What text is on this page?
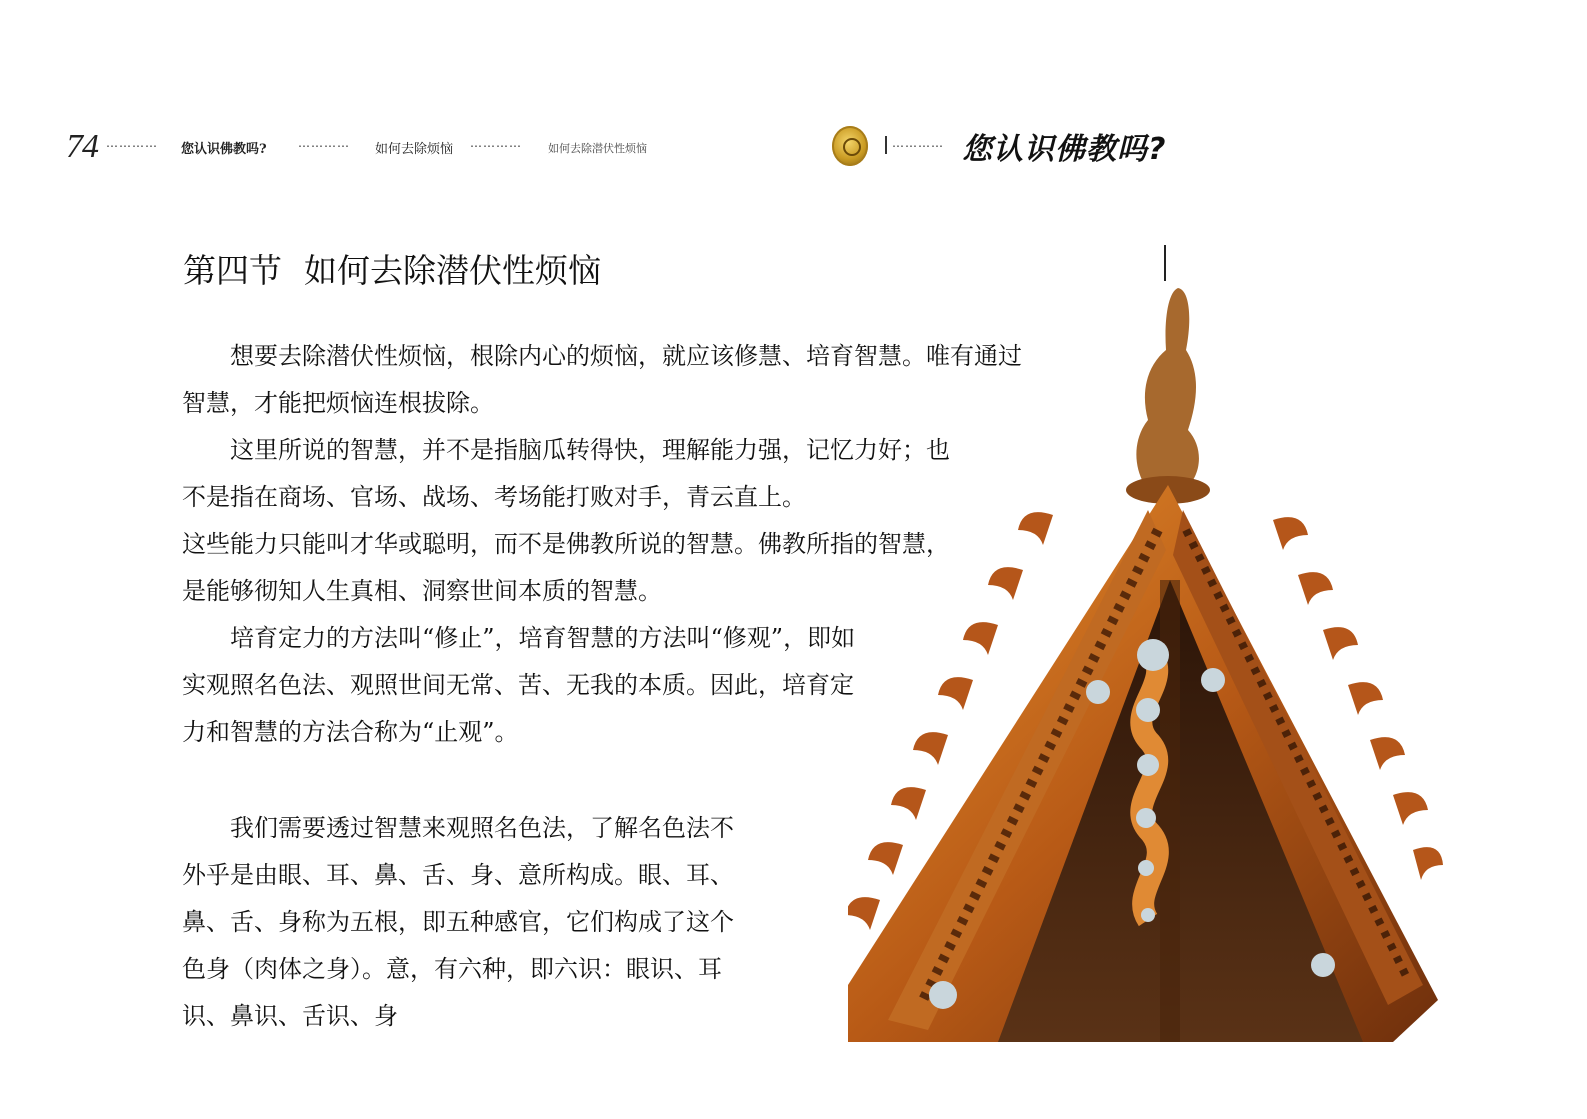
74 ………… 您认识佛教吗?	………… 如何去除烦恼 ………… 如何去除潜伏性烦恼	………… 您认识佛教吗?
第四节 如何去除潜伏性烦恼

想要去除潜伏性烦恼，根除内心的烦恼，就应该修慧、培育智慧。唯有通过智慧，才能把烦恼连根拔除。

这里所说的智慧，并不是指脑瓜转得快，理解能力强，记忆力好；也不是指在商场、官场、战场、考场能打败对手，青云直上。

这些能力只能叫才华或聪明，而不是佛教所说的智慧。佛教所指的智慧，是能够彻知人生真相、洞察世间本质的智慧。

培育定力的方法叫“修止”，培育智慧的方法叫“修观”，即如实观照名色法、观照世间无常、苦、无我的本质。因此，培育定力和智慧的方法合称为“止观”。

我们需要透过智慧来观照名色法，了解名色法不外乎是由眼、耳、鼻、舌、身、意所构成。眼、耳、鼻、舌、身称为五根，即五种感官，它们构成了这个色身（肉体之身）。意，有六种，即六识：眼识、耳识、鼻识、舌识、身
